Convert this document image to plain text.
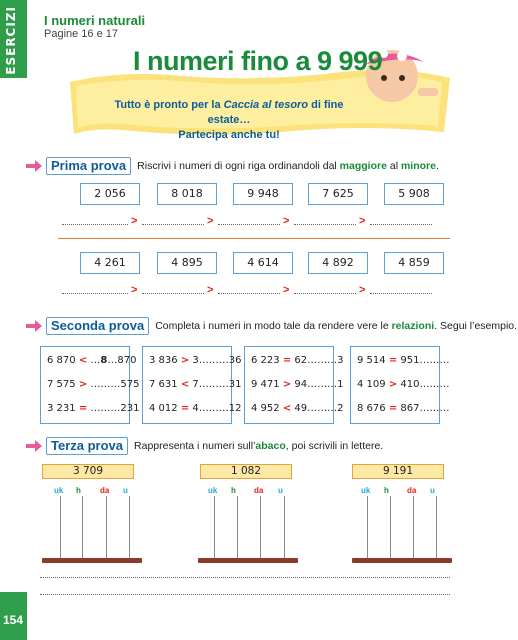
ESERCIZI
154
I numeri naturali
Pagine 16 e 17
I numeri fino a 9 999
Tutto è pronto per la Caccia al tesoro di fine estate…
Partecipa anche tu!
Prima prova	Riscrivi i numeri di ogni riga ordinandoli dal maggiore al minore.
2 056	8 018	9 948	7 625	5 908
>	>	>	>
4 261	4 895	4 614	4 892	4 859
>	>	>	>
Seconda prova	Completa i numeri in modo tale da rendere vere le relazioni. Segui l’esempio.
6 870 < …8…870
7 575 > ………575
3 231 = ………231
3 836 > 3………36
7 631 < 7………31
4 012 = 4………12
6 223 = 62………3
9 471 > 94………1
4 952 < 49………2
9 514 = 951………
4 109 > 410………
8 676 = 867………
Terza prova	Rappresenta i numeri sull’abaco, poi scrivili in lettere.
3 709
uk h da u
1 082
uk h da u
9 191
uk h da u
